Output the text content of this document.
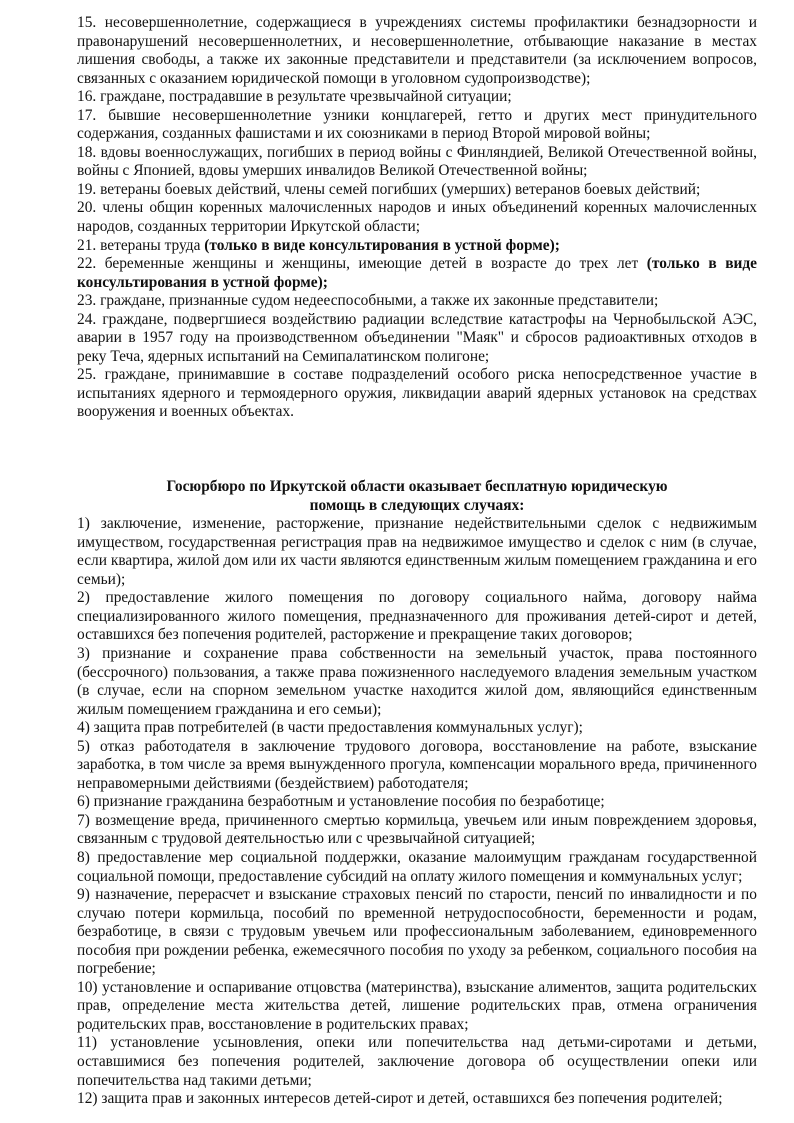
15. несовершеннолетние, содержащиеся в учреждениях системы профилактики безнадзорности и правонарушений несовершеннолетних, и несовершеннолетние, отбывающие наказание в местах лишения свободы, а также их законные представители и представители (за исключением вопросов, связанных с оказанием юридической помощи в уголовном судопроизводстве);

16. граждане, пострадавшие в результате чрезвычайной ситуации;

17. бывшие несовершеннолетние узники концлагерей, гетто и других мест принудительного содержания, созданных фашистами и их союзниками в период Второй мировой войны;

18. вдовы военнослужащих, погибших в период войны с Финляндией, Великой Отечественной войны, войны с Японией, вдовы умерших инвалидов Великой Отечественной войны;

19. ветераны боевых действий, члены семей погибших (умерших) ветеранов боевых действий;

20. члены общин коренных малочисленных народов и иных объединений коренных малочисленных народов, созданных территории Иркутской области;

21. ветераны труда (только в виде консультирования в устной форме);

22. беременные женщины и женщины, имеющие детей в возрасте до трех лет (только в виде консультирования в устной форме);

23. граждане, признанные судом недееспособными, а также их законные представители;

24. граждане, подвергшиеся воздействию радиации вследствие катастрофы на Чернобыльской АЭС, аварии в 1957 году на производственном объединении "Маяк" и сбросов радиоактивных отходов в реку Теча, ядерных испытаний на Семипалатинском полигоне;

25. граждане, принимавшие в составе подразделений особого риска непосредственное участие в испытаниях ядерного и термоядерного оружия, ликвидации аварий ядерных установок на средствах вооружения и военных объектах.

Госюрбюро по Иркутской области оказывает бесплатную юридическую

помощь в следующих случаях:

1) заключение, изменение, расторжение, признание недействительными сделок с недвижимым имуществом, государственная регистрация прав на недвижимое имущество и сделок с ним (в случае, если квартира, жилой дом или их части являются единственным жилым помещением гражданина и его семьи);

2) предоставление жилого помещения по договору социального найма, договору найма специализированного жилого помещения, предназначенного для проживания детей-сирот и детей, оставшихся без попечения родителей, расторжение и прекращение таких договоров;

3) признание и сохранение права собственности на земельный участок, права постоянного (бессрочного) пользования, а также права пожизненного наследуемого владения земельным участком (в случае, если на спорном земельном участке находится жилой дом, являющийся единственным жилым помещением гражданина и его семьи);

4) защита прав потребителей (в части предоставления коммунальных услуг);

5) отказ работодателя в заключение трудового договора, восстановление на работе, взыскание заработка, в том числе за время вынужденного прогула, компенсации морального вреда, причиненного неправомерными действиями (бездействием) работодателя;

6) признание гражданина безработным и установление пособия по безработице;

7) возмещение вреда, причиненного смертью кормильца, увечьем или иным повреждением здоровья, связанным с трудовой деятельностью или с чрезвычайной ситуацией;

8) предоставление мер социальной поддержки, оказание малоимущим гражданам государственной социальной помощи, предоставление субсидий на оплату жилого помещения и коммунальных услуг;

9) назначение, перерасчет и взыскание страховых пенсий по старости, пенсий по инвалидности и по случаю потери кормильца, пособий по временной нетрудоспособности, беременности и родам, безработице, в связи с трудовым увечьем или профессиональным заболеванием, единовременного пособия при рождении ребенка, ежемесячного пособия по уходу за ребенком, социального пособия на погребение;

10) установление и оспаривание отцовства (материнства), взыскание алиментов, защита родительских прав, определение места жительства детей, лишение родительских прав, отмена ограничения родительских прав, восстановление в родительских правах;

11) установление усыновления, опеки или попечительства над детьми-сиротами и детьми, оставшимися без попечения родителей, заключение договора об осуществлении опеки или попечительства над такими детьми;

12) защита прав и законных интересов детей-сирот и детей, оставшихся без попечения родителей;
